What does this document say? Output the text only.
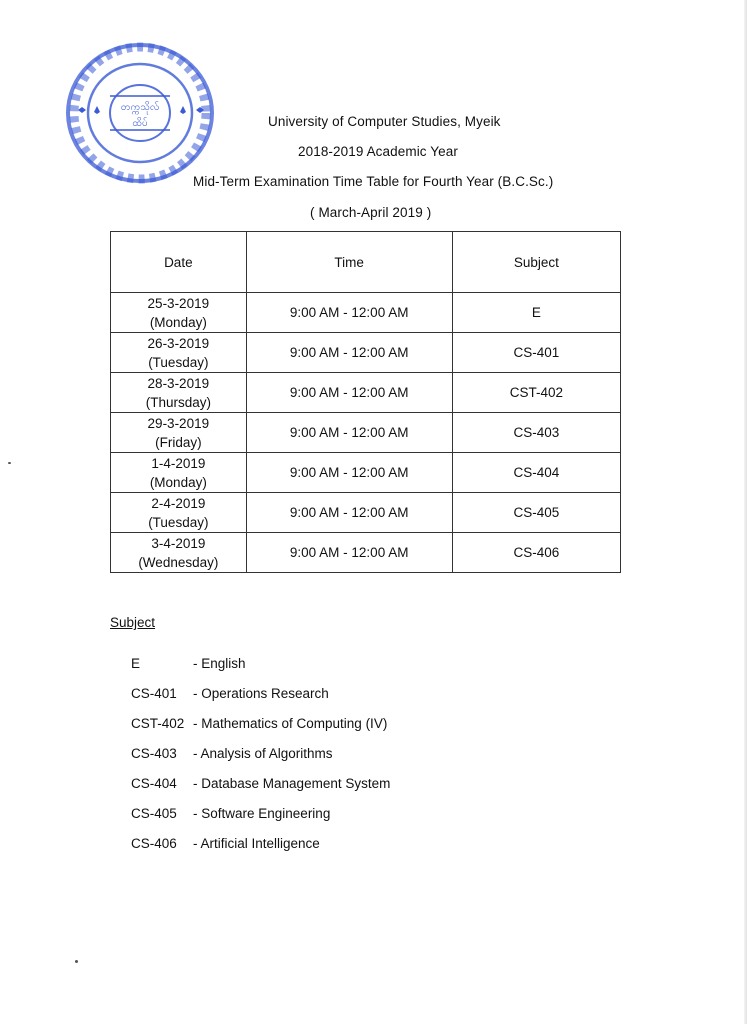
တက္ကသိုလ်
ထိပ်	University of Computer Studies, Myeik
2018-2019 Academic Year
Mid-Term Examination Time Table for Fourth Year (B.C.Sc.)
( March-April 2019 )
Date	Time	Subject

25-3-2019
(Monday)	9:00 AM - 12:00 AM	E

26-3-2019
(Tuesday)	9:00 AM - 12:00 AM	CS-401

28-3-2019
(Thursday)	9:00 AM - 12:00 AM	CST-402

29-3-2019
(Friday)	9:00 AM - 12:00 AM	CS-403

1-4-2019
(Monday)	9:00 AM - 12:00 AM	CS-404

2-4-2019
(Tuesday)	9:00 AM - 12:00 AM	CS-405

3-4-2019
(Wednesday)	9:00 AM - 12:00 AM	CS-406
Subject
E	- English
CS-401 - Operations Research
CST-402 - Mathematics of Computing (IV)
CS-403 - Analysis of Algorithms
CS-404 - Database Management System
CS-405 - Software Engineering
CS-406 - Artificial Intelligence
